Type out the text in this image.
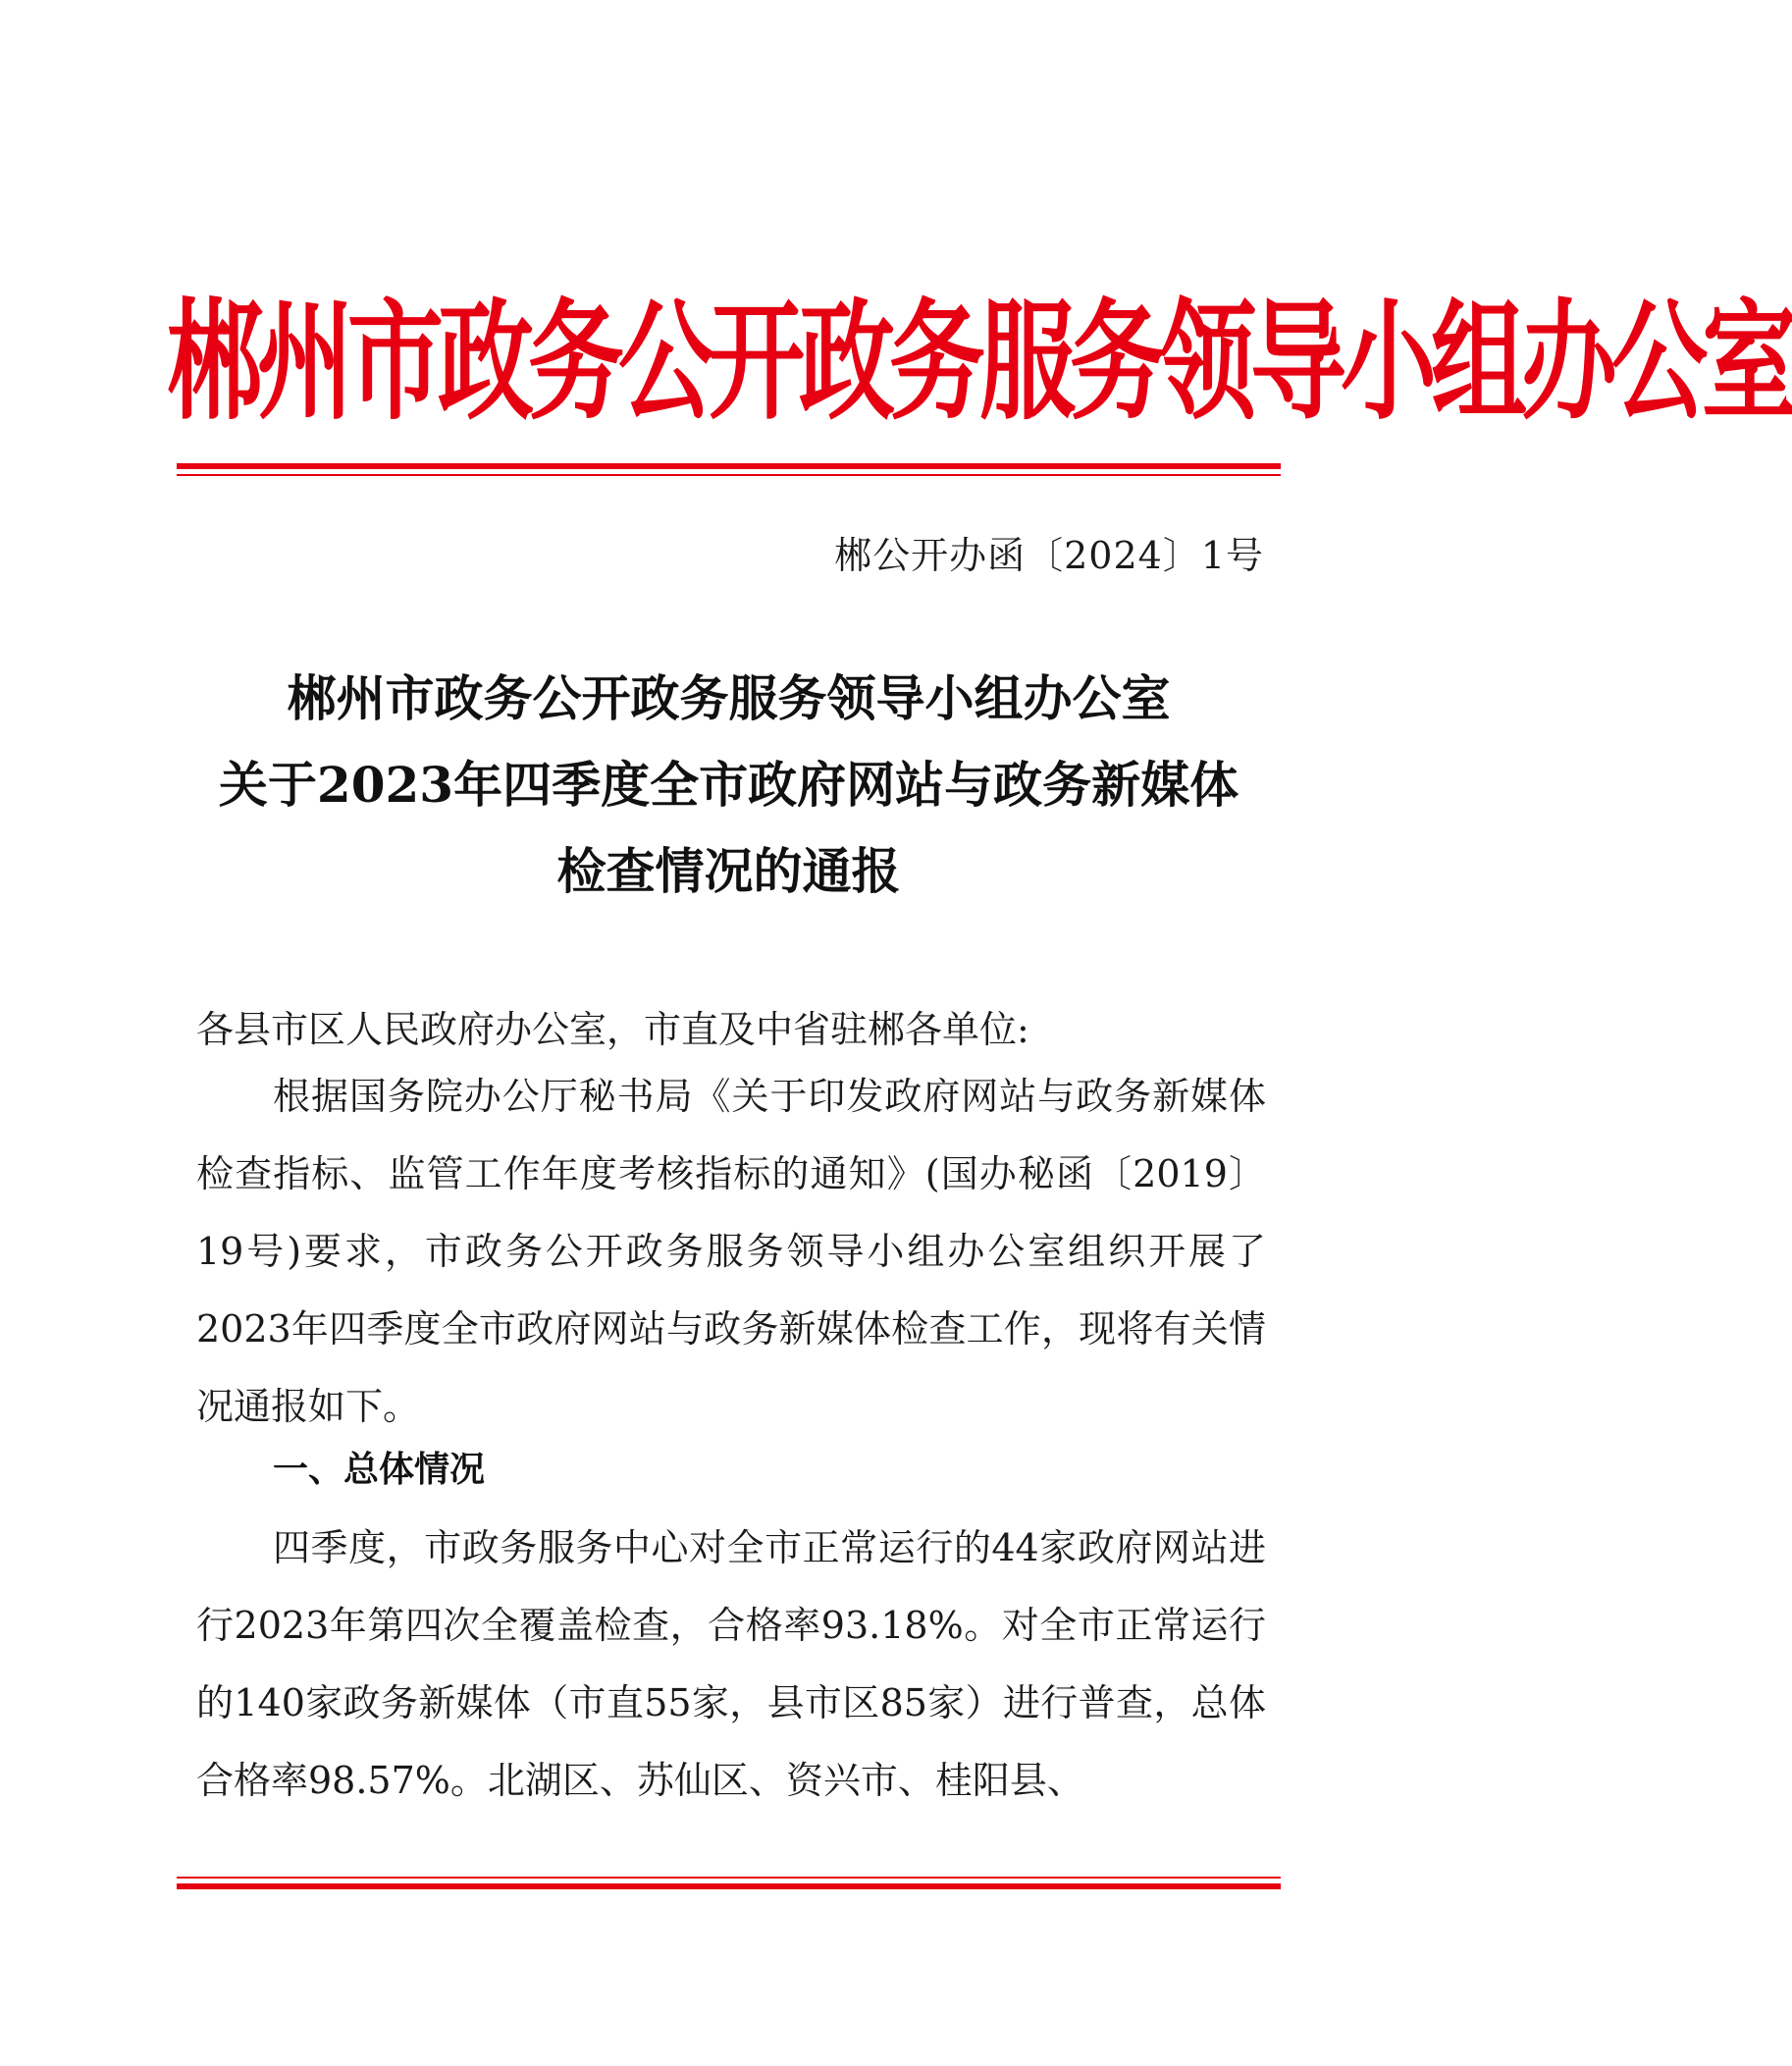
郴州市政务公开政务服务领导小组办公室
郴公开办函〔2024〕1号
郴州市政务公开政务服务领导小组办公室
关于2023年四季度全市政府网站与政务新媒体
检查情况的通报
各县市区人民政府办公室，市直及中省驻郴各单位:
根据国务院办公厅秘书局《关于印发政府网站与政务新媒体检查指标、监管工作年度考核指标的通知》(国办秘函〔2019〕19号)要求，市政务公开政务服务领导小组办公室组织开展了2023年四季度全市政府网站与政务新媒体检查工作，现将有关情况通报如下。
一、总体情况
四季度，市政务服务中心对全市正常运行的44家政府网站进行2023年第四次全覆盖检查，合格率93.18%。对全市正常运行的140家政务新媒体（市直55家，县市区85家）进行普查，总体合格率98.57%。北湖区、苏仙区、资兴市、桂阳县、
